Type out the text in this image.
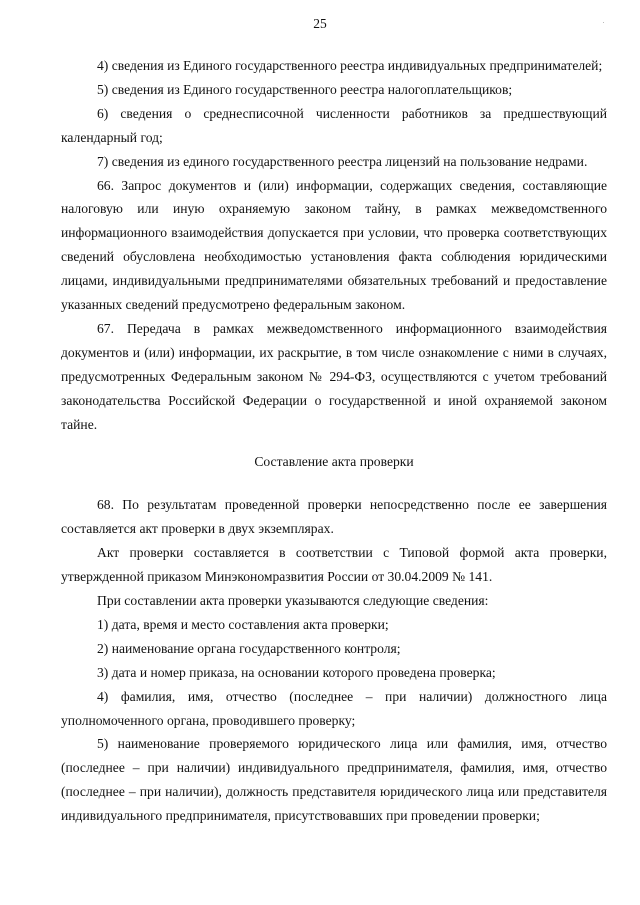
25

4) сведения из Единого государственного реестра индивидуальных предпринимателей;

5) сведения из Единого государственного реестра налогоплательщиков;

6) сведения о среднесписочной численности работников за предшествующий календарный год;

7) сведения из единого государственного реестра лицензий на пользование недрами.

66. Запрос документов и (или) информации, содержащих сведения, составляющие налоговую или иную охраняемую законом тайну, в рамках межведомственного информационного взаимодействия допускается при условии, что проверка соответствующих сведений обусловлена необходимостью установления факта соблюдения юридическими лицами, индивидуальными предпринимателями обязательных требований и предоставление указанных сведений предусмотрено федеральным законом.

67. Передача в рамках межведомственного информационного взаимодействия документов и (или) информации, их раскрытие, в том числе ознакомление с ними в случаях, предусмотренных Федеральным законом № 294-ФЗ, осуществляются с учетом требований законодательства Российской Федерации о государственной и иной охраняемой законом тайне.

Составление акта проверки

68. По результатам проведенной проверки непосредственно после ее завершения составляется акт проверки в двух экземплярах.

Акт проверки составляется в соответствии с Типовой формой акта проверки, утвержденной приказом Минэкономразвития России от 30.04.2009 № 141.

При составлении акта проверки указываются следующие сведения:

1) дата, время и место составления акта проверки;

2) наименование органа государственного контроля;

3) дата и номер приказа, на основании которого проведена проверка;

4) фамилия, имя, отчество (последнее – при наличии) должностного лица уполномоченного органа, проводившего проверку;

5) наименование проверяемого юридического лица или фамилия, имя, отчество (последнее – при наличии) индивидуального предпринимателя, фамилия, имя, отчество (последнее – при наличии), должность представителя юридического лица или представителя индивидуального предпринимателя, присутствовавших при проведении проверки;
